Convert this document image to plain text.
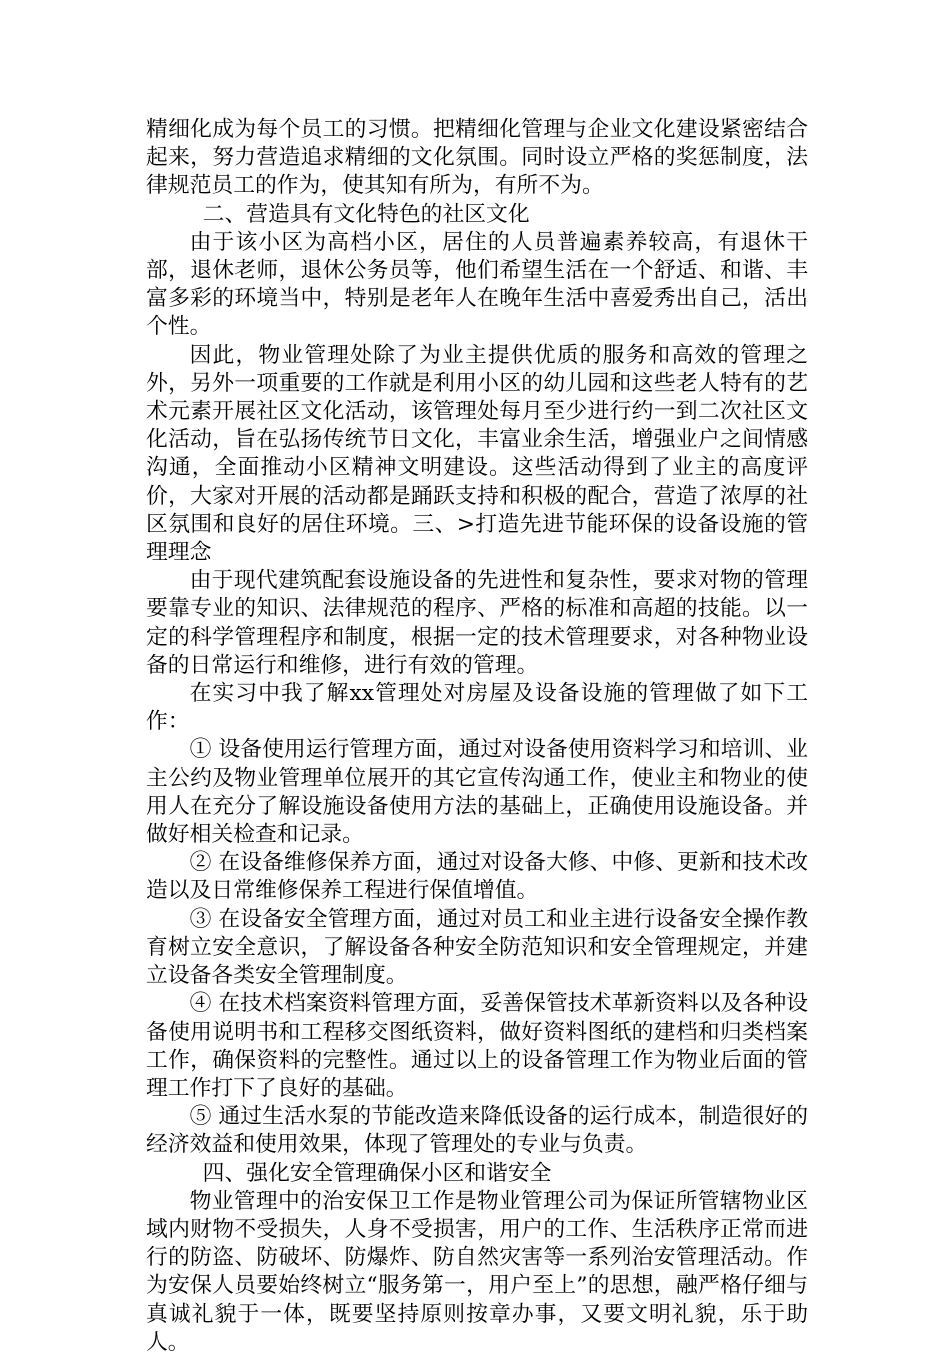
精细化成为每个员工的习惯。把精细化管理与企业文化建设紧密结合起来，努力营造追求精细的文化氛围。同时设立严格的奖惩制度，法律规范员工的作为，使其知有所为，有所不为。

二、营造具有文化特色的社区文化

由于该小区为高档小区，居住的人员普遍素养较高，有退休干部，退休老师，退休公务员等，他们希望生活在一个舒适、和谐、丰富多彩的环境当中，特别是老年人在晚年生活中喜爱秀出自己，活出个性。

因此，物业管理处除了为业主提供优质的服务和高效的管理之外，另外一项重要的工作就是利用小区的幼儿园和这些老人特有的艺术元素开展社区文化活动，该管理处每月至少进行约一到二次社区文化活动，旨在弘扬传统节日文化，丰富业余生活，增强业户之间情感沟通，全面推动小区精神文明建设。这些活动得到了业主的高度评价，大家对开展的活动都是踊跃支持和积极的配合，营造了浓厚的社区氛围和良好的居住环境。三、>打造先进节能环保的设备设施的管理理念

由于现代建筑配套设施设备的先进性和复杂性，要求对物的管理要靠专业的知识、法律规范的程序、严格的标准和高超的技能。以一定的科学管理程序和制度，根据一定的技术管理要求，对各种物业设备的日常运行和维修，进行有效的管理。

在实习中我了解xx管理处对房屋及设备设施的管理做了如下工作：

① 设备使用运行管理方面，通过对设备使用资料学习和培训、业主公约及物业管理单位展开的其它宣传沟通工作，使业主和物业的使用人在充分了解设施设备使用方法的基础上，正确使用设施设备。并做好相关检查和记录。

② 在设备维修保养方面，通过对设备大修、中修、更新和技术改造以及日常维修保养工程进行保值增值。

③ 在设备安全管理方面，通过对员工和业主进行设备安全操作教育树立安全意识，了解设备各种安全防范知识和安全管理规定，并建立设备各类安全管理制度。

④ 在技术档案资料管理方面，妥善保管技术革新资料以及各种设备使用说明书和工程移交图纸资料，做好资料图纸的建档和归类档案工作，确保资料的完整性。通过以上的设备管理工作为物业后面的管理工作打下了良好的基础。

⑤ 通过生活水泵的节能改造来降低设备的运行成本，制造很好的经济效益和使用效果，体现了管理处的专业与负责。

四、强化安全管理确保小区和谐安全

物业管理中的治安保卫工作是物业管理公司为保证所管辖物业区域内财物不受损失，人身不受损害，用户的工作、生活秩序正常而进行的防盗、防破坏、防爆炸、防自然灾害等一系列治安管理活动。作为安保人员要始终树立“服务第一，用户至上”的思想，融严格仔细与真诚礼貌于一体，既要坚持原则按章办事，又要文明礼貌，乐于助人。
